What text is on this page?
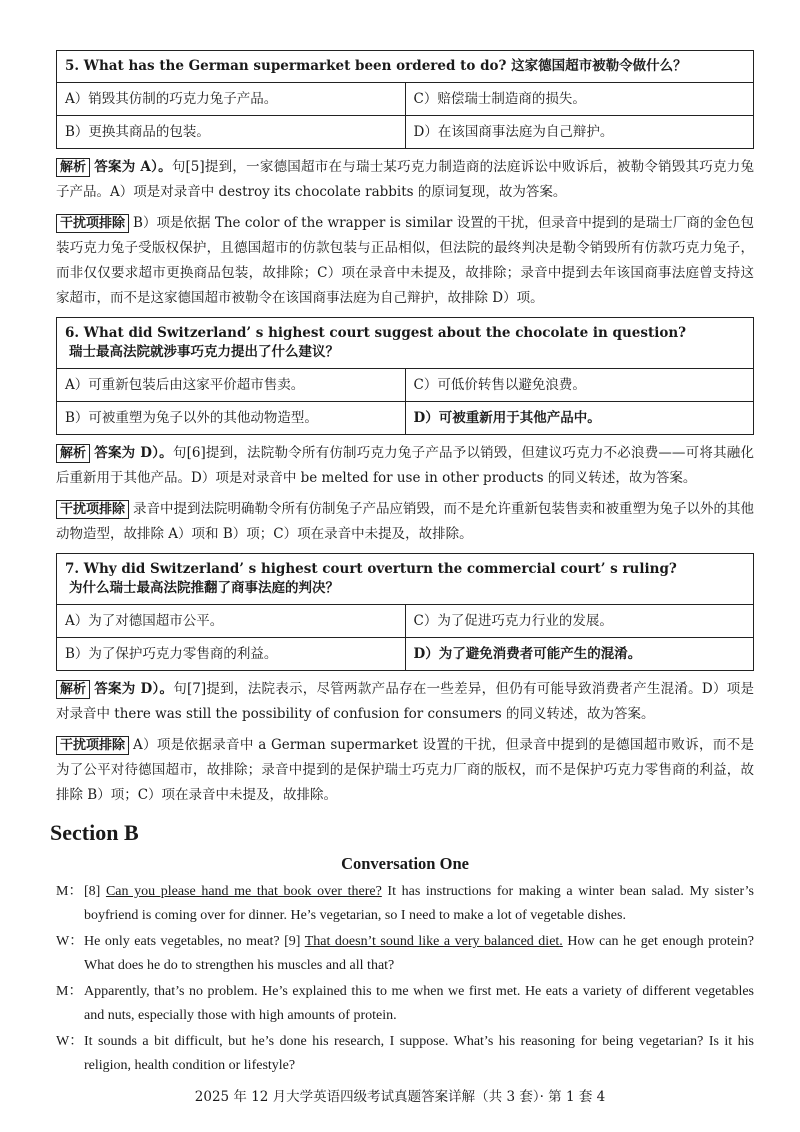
5. What has the German supermarket been ordered to do? 这家德国超市被勒令做什么？	
A）销毁其仿制的巧克力兔子产品。	C）赔偿瑞士制造商的损失。
B）更换其商品的包装。	D）在该国商事法庭为自己辩护。

解析 答案为 A）。句[5]提到，一家德国超市在与瑞士某巧克力制造商的法庭诉讼中败诉后，被勒令销毁其巧克力兔子产品。A）项是对录音中 destroy its chocolate rabbits 的原词复现，故为答案。

干扰项排除 B）项是依据 The color of the wrapper is similar 设置的干扰，但录音中提到的是瑞士厂商的金色包装巧克力兔子受版权保护，且德国超市的仿款包装与正品相似，但法院的最终判决是勒令销毁所有仿款巧克力兔子，而非仅仅要求超市更换商品包装，故排除；C）项在录音中未提及，故排除；录音中提到去年该国商事法庭曾支持这家超市，而不是这家德国超市被勒令在该国商事法庭为自己辩护，故排除 D）项。

6. What did Switzerland’ s highest court suggest about the chocolate in question?
瑞士最高法院就涉事巧克力提出了什么建议？	

A）可重新包装后由这家平价超市售卖。	C）可低价转售以避免浪费。
B）可被重塑为兔子以外的其他动物造型。	D）可被重新用于其他产品中。

解析 答案为 D）。句[6]提到，法院勒令所有仿制巧克力兔子产品予以销毁，但建议巧克力不必浪费——可将其融化后重新用于其他产品。D）项是对录音中 be melted for use in other products 的同义转述，故为答案。

干扰项排除 录音中提到法院明确勒令所有仿制兔子产品应销毁，而不是允许重新包装售卖和被重塑为兔子以外的其他动物造型，故排除 A）项和 B）项；C）项在录音中未提及，故排除。

7. Why did Switzerland’ s highest court overturn the commercial court’ s ruling?
为什么瑞士最高法院推翻了商事法庭的判决？	

A）为了对德国超市公平。	C）为了促进巧克力行业的发展。
B）为了保护巧克力零售商的利益。	D）为了避免消费者可能产生的混淆。

解析 答案为 D）。句[7]提到，法院表示，尽管两款产品存在一些差异，但仍有可能导致消费者产生混淆。D）项是对录音中 there was still the possibility of confusion for consumers 的同义转述，故为答案。

干扰项排除 A）项是依据录音中 a German supermarket 设置的干扰，但录音中提到的是德国超市败诉，而不是为了公平对待德国超市，故排除；录音中提到的是保护瑞士巧克力厂商的版权，而不是保护巧克力零售商的利益，故排除 B）项；C）项在录音中未提及，故排除。

Section B
Conversation One

M： [8] Can you please hand me that book over there? It has instructions for making a winter bean salad. My sister’s boyfriend is coming over for dinner. He’s vegetarian, so I need to make a lot of vegetable dishes.

W： He only eats vegetables, no meat? [9] That doesn’t sound like a very balanced diet. How can he get enough protein? What does he do to strengthen his muscles and all that?

M： Apparently, that’s no problem. He’s explained this to me when we first met. He eats a variety of different vegetables and nuts, especially those with high amounts of protein.

W： It sounds a bit difficult, but he’s done his research, I suppose. What’s his reasoning for being vegetarian? Is it his religion, health condition or lifestyle?

2025 年 12 月大学英语四级考试真题答案详解（共 3 套）· 第 1 套 4
